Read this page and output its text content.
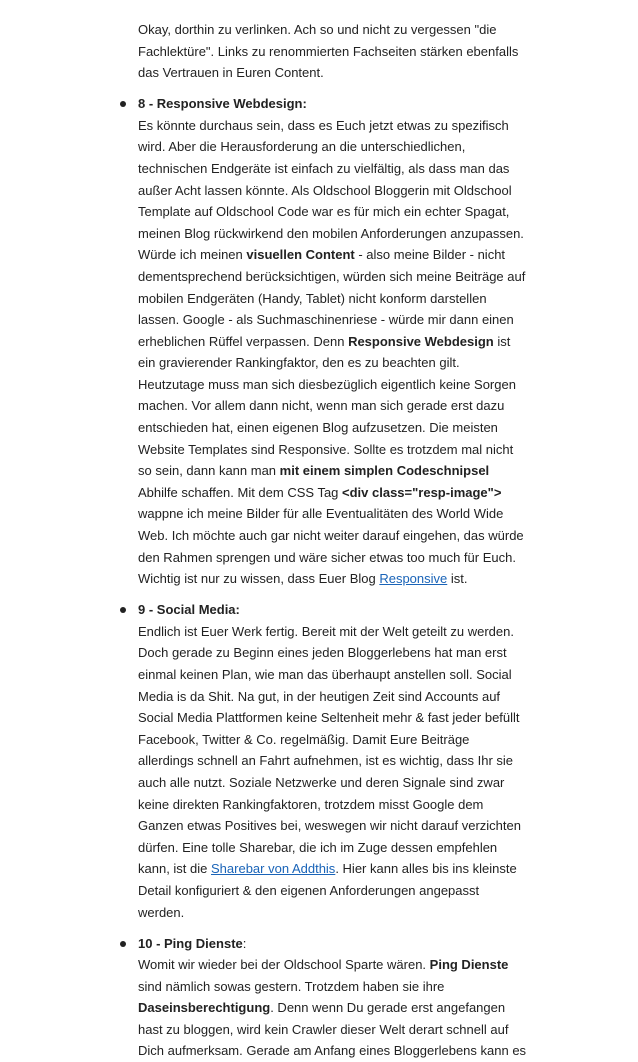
Okay, dorthin zu verlinken. Ach so und nicht zu vergessen "die
Fachlektüre". Links zu renommierten Fachseiten stärken ebenfalls
das Vertrauen in Euren Content.
8 - Responsive Webdesign:
Es könnte durchaus sein, dass es Euch jetzt etwas zu spezifisch
wird. Aber die Herausforderung an die unterschiedlichen,
technischen Endgeräte ist einfach zu vielfältig, als dass man das
außer Acht lassen könnte. Als Oldschool Bloggerin mit Oldschool
Template auf Oldschool Code war es für mich ein echter Spagat,
meinen Blog rückwirkend den mobilen Anforderungen anzupassen.
Würde ich meinen visuellen Content - also meine Bilder - nicht
dementsprechend berücksichtigen, würden sich meine Beiträge auf
mobilen Endgeräten (Handy, Tablet) nicht konform darstellen
lassen. Google - als Suchmaschinenriese - würde mir dann einen
erheblichen Rüffel verpassen. Denn Responsive Webdesign ist
ein gravierender Rankingfaktor, den es zu beachten gilt.
Heutzutage muss man sich diesbezüglich eigentlich keine Sorgen
machen. Vor allem dann nicht, wenn man sich gerade erst dazu
entschieden hat, einen eigenen Blog aufzusetzen. Die meisten
Website Templates sind Responsive. Sollte es trotzdem mal nicht
so sein, dann kann man mit einem simplen Codeschnipsel
Abhilfe schaffen. Mit dem CSS Tag <div class="resp-image">
wappne ich meine Bilder für alle Eventualitäten des World Wide
Web. Ich möchte auch gar nicht weiter darauf eingehen, das würde
den Rahmen sprengen und wäre sicher etwas too much für Euch.
Wichtig ist nur zu wissen, dass Euer Blog Responsive ist.
9 - Social Media:
Endlich ist Euer Werk fertig. Bereit mit der Welt geteilt zu werden.
Doch gerade zu Beginn eines jeden Bloggerlebens hat man erst
einmal keinen Plan, wie man das überhaupt anstellen soll. Social
Media is da Shit. Na gut, in der heutigen Zeit sind Accounts auf
Social Media Plattformen keine Seltenheit mehr & fast jeder befüllt
Facebook, Twitter & Co. regelmäßig. Damit Eure Beiträge
allerdings schnell an Fahrt aufnehmen, ist es wichtig, dass Ihr sie
auch alle nutzt. Soziale Netzwerke und deren Signale sind zwar
keine direkten Rankingfaktoren, trotzdem misst Google dem
Ganzen etwas Positives bei, weswegen wir nicht darauf verzichten
dürfen. Eine tolle Sharebar, die ich im Zuge dessen empfehlen
kann, ist die Sharebar von Addthis. Hier kann alles bis ins kleinste
Detail konfiguriert & den eigenen Anforderungen angepasst
werden.
10 - Ping Dienste:
Womit wir wieder bei der Oldschool Sparte wären. Ping Dienste
sind nämlich sowas gestern. Trotzdem haben sie ihre
Daseinsberechtigung. Denn wenn Du gerade erst angefangen
hast zu bloggen, wird kein Crawler dieser Welt derart schnell auf
Dich aufmerksam. Gerade am Anfang eines Bloggerlebens kann es
